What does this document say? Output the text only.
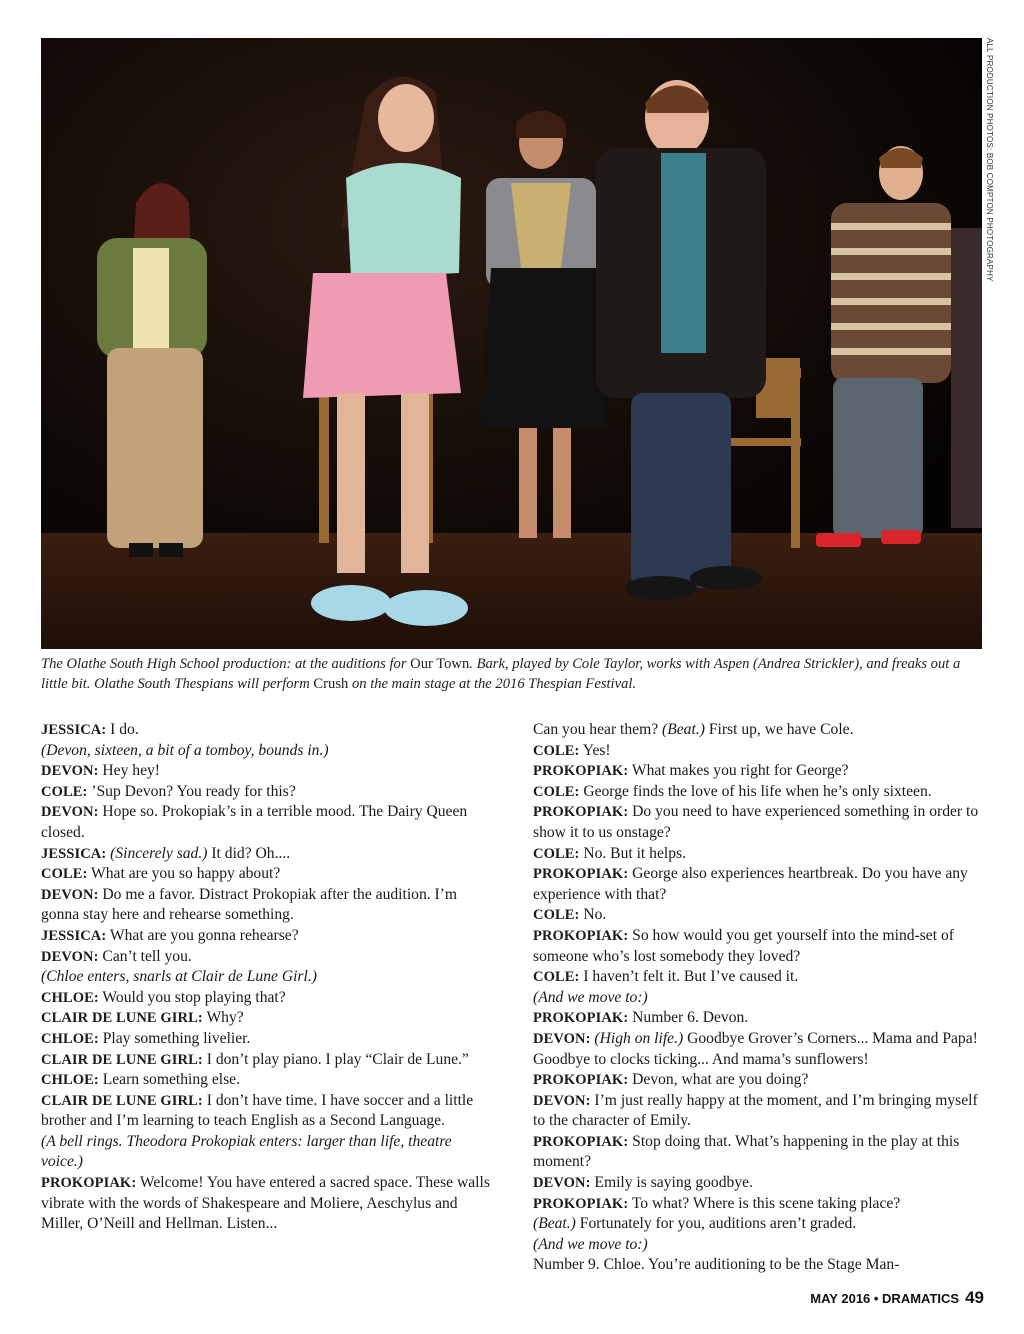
ALL PRODUCTION PHOTOS: BOB COMPTON PHOTOGRAPHY
The Olathe South High School production: at the auditions for Our Town. Bark, played by Cole Taylor, works with Aspen (Andrea Strickler), and freaks out a little bit. Olathe South Thespians will perform Crush on the main stage at the 2016 Thespian Festival.

JESSICA: I do.

(Devon, sixteen, a bit of a tomboy, bounds in.)

DEVON: Hey hey!

COLE: ’Sup Devon? You ready for this?

DEVON: Hope so. Prokopiak’s in a terrible mood. The Dairy Queen closed.

JESSICA: (Sincerely sad.) It did? Oh....

COLE: What are you so happy about?

DEVON: Do me a favor. Distract Prokopiak after the audition. I’m gonna stay here and rehearse something.

JESSICA: What are you gonna rehearse?

DEVON: Can’t tell you.

(Chloe enters, snarls at Clair de Lune Girl.)

CHLOE: Would you stop playing that?

CLAIR DE LUNE GIRL: Why?

CHLOE: Play something livelier.

CLAIR DE LUNE GIRL: I don’t play piano. I play “Clair de Lune.”

CHLOE: Learn something else.

CLAIR DE LUNE GIRL: I don’t have time. I have soccer and a little brother and I’m learning to teach English as a Second Language.

(A bell rings. Theodora Prokopiak enters: larger than life, theatre voice.)

PROKOPIAK: Welcome! You have entered a sacred space. These walls vibrate with the words of Shakespeare and Moliere, Aeschylus and Miller, O’Neill and Hellman. Listen...

Can you hear them? (Beat.) First up, we have Cole.

COLE: Yes!

PROKOPIAK: What makes you right for George?

COLE: George finds the love of his life when he’s only sixteen.

PROKOPIAK: Do you need to have experienced something in order to show it to us onstage?

COLE: No. But it helps.

PROKOPIAK: George also experiences heartbreak. Do you have any experience with that?

COLE: No.

PROKOPIAK: So how would you get yourself into the mind-set of someone who’s lost somebody they loved?

COLE: I haven’t felt it. But I’ve caused it.

(And we move to:)

PROKOPIAK: Number 6. Devon.

DEVON: (High on life.) Goodbye Grover’s Corners... Mama and Papa! Goodbye to clocks ticking... And mama’s sunflowers!

PROKOPIAK: Devon, what are you doing?

DEVON: I’m just really happy at the moment, and I’m bringing myself to the character of Emily.

PROKOPIAK: Stop doing that. What’s happening in the play at this moment?

DEVON: Emily is saying goodbye.

PROKOPIAK: To what? Where is this scene taking place?

(Beat.) Fortunately for you, auditions aren’t graded.

(And we move to:)

Number 9. Chloe. You’re auditioning to be the Stage Man-

MAY 2016 • DRAMATICS 49
